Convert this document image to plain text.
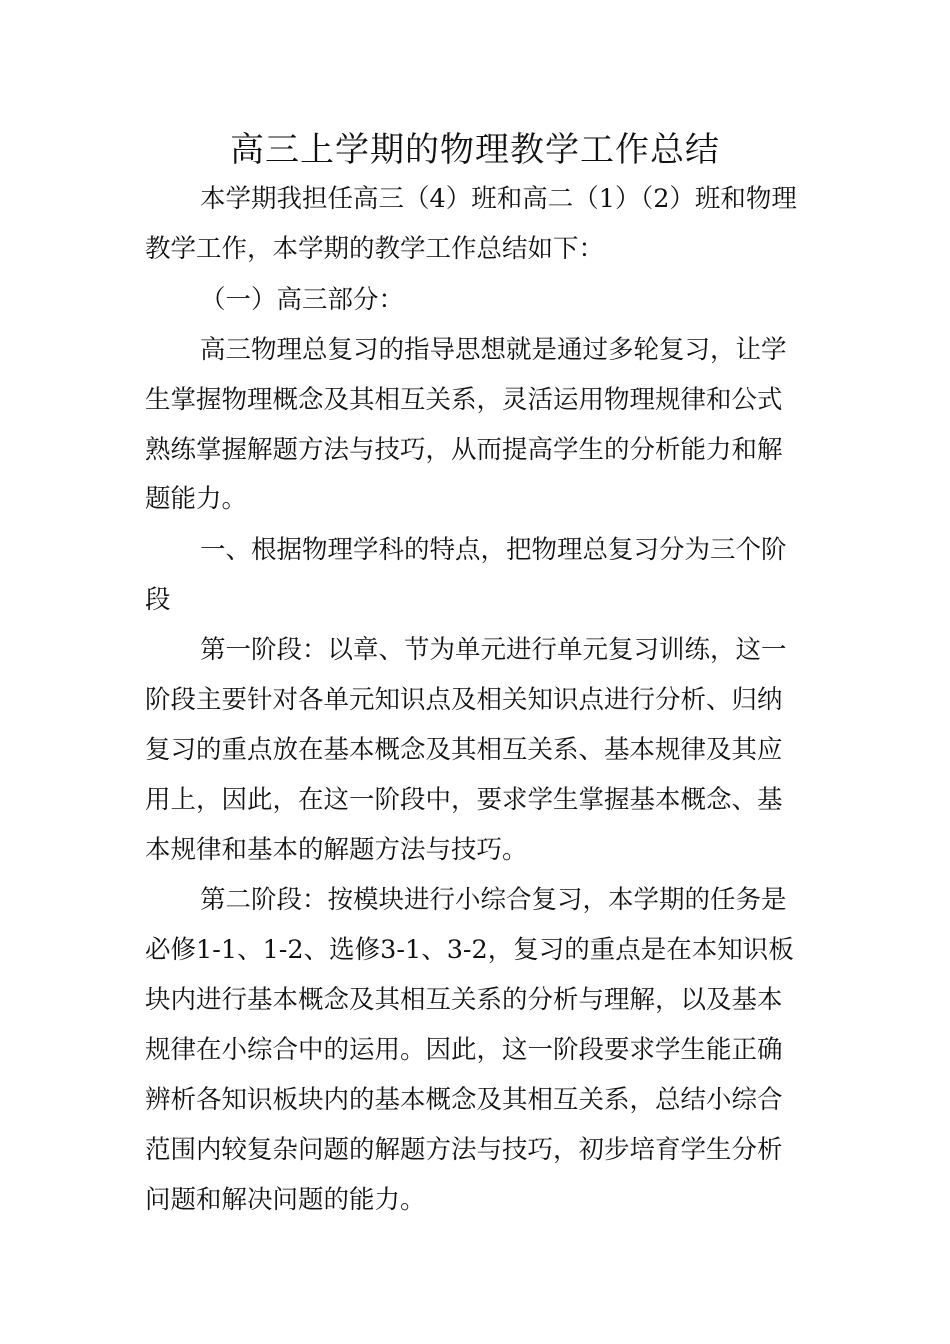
高三上学期的物理教学工作总结

本学期我担任高三（4）班和高二（1）（2）班和物理

教学工作，本学期的教学工作总结如下：

（一）高三部分：

高三物理总复习的指导思想就是通过多轮复习，让学

生掌握物理概念及其相互关系，灵活运用物理规律和公式

熟练掌握解题方法与技巧，从而提高学生的分析能力和解

题能力。

一、根据物理学科的特点，把物理总复习分为三个阶

段

第一阶段：以章、节为单元进行单元复习训练，这一

阶段主要针对各单元知识点及相关知识点进行分析、归纳

复习的重点放在基本概念及其相互关系、基本规律及其应

用上，因此，在这一阶段中，要求学生掌握基本概念、基

本规律和基本的解题方法与技巧。

第二阶段：按模块进行小综合复习，本学期的任务是

必修1-1、1-2、选修3-1、3-2，复习的重点是在本知识板

块内进行基本概念及其相互关系的分析与理解，以及基本

规律在小综合中的运用。因此，这一阶段要求学生能正确

辨析各知识板块内的基本概念及其相互关系，总结小综合

范围内较复杂问题的解题方法与技巧，初步培育学生分析

问题和解决问题的能力。
